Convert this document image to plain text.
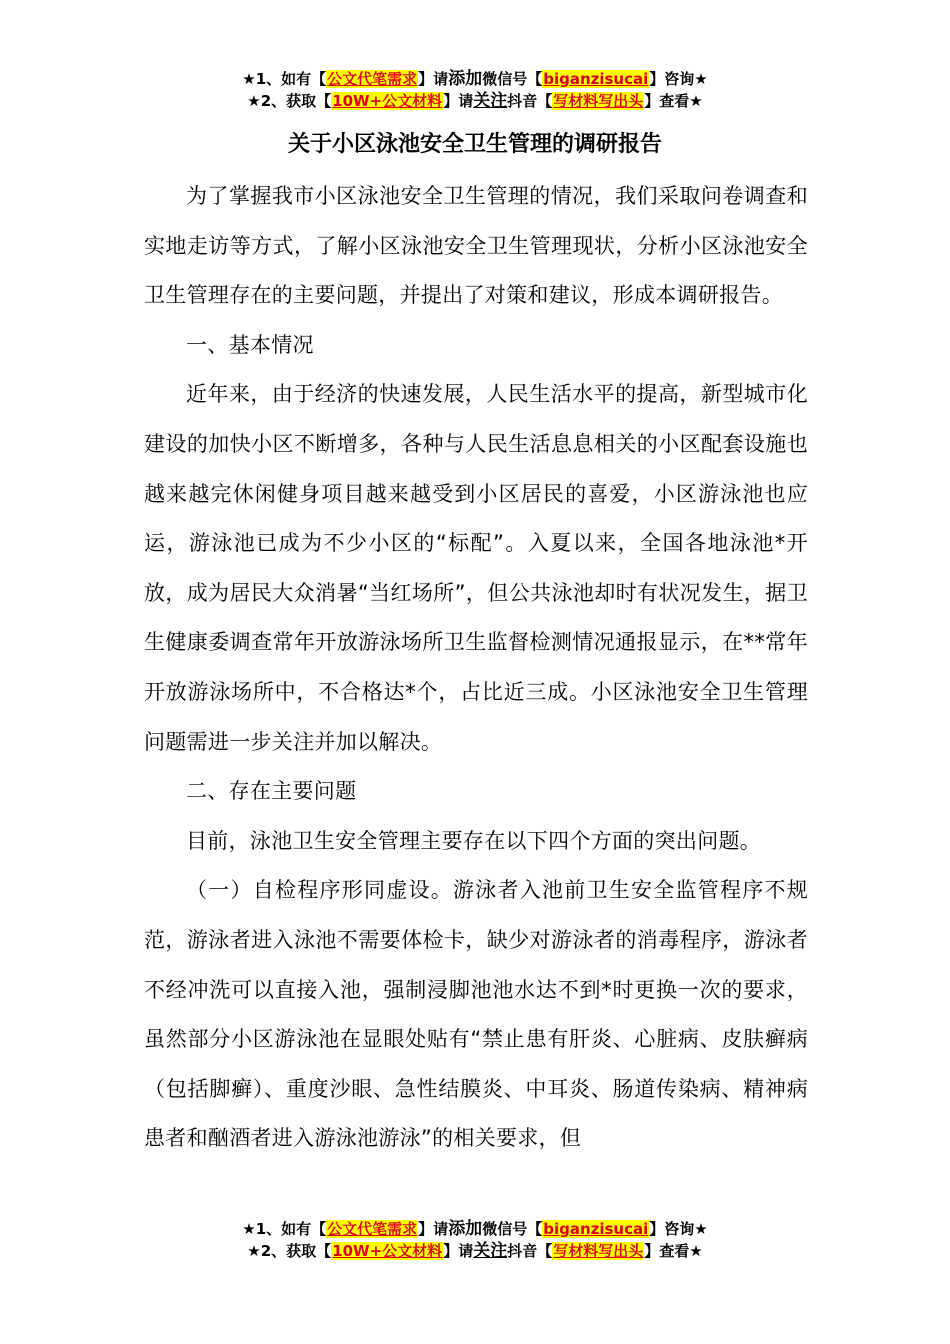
★1、如有【公文代笔需求】请添加微信号【biganzisucai】咨询★
★2、获取【10W+公文材料】请关注抖音【写材料写出头】查看★
关于小区泳池安全卫生管理的调研报告

为了掌握我市小区泳池安全卫生管理的情况，我们采取问卷调查和实地走访等方式，了解小区泳池安全卫生管理现状，分析小区泳池安全卫生管理存在的主要问题，并提出了对策和建议，形成本调研报告。

一、基本情况

近年来，由于经济的快速发展，人民生活水平的提高，新型城市化建设的加快小区不断增多，各种与人民生活息息相关的小区配套设施也越来越完休闲健身项目越来越受到小区居民的喜爱，小区游泳池也应运，游泳池已成为不少小区的“标配”。入夏以来，全国各地泳池*开放，成为居民大众消暑“当红场所”，但公共泳池却时有状况发生，据卫生健康委调查常年开放游泳场所卫生监督检测情况通报显示，在**常年开放游泳场所中，不合格达*个，占比近三成。小区泳池安全卫生管理问题需进一步关注并加以解决。

二、存在主要问题

目前，泳池卫生安全管理主要存在以下四个方面的突出问题。

（一）自检程序形同虚设。游泳者入池前卫生安全监管程序不规范，游泳者进入泳池不需要体检卡，缺少对游泳者的消毒程序，游泳者不经冲洗可以直接入池，强制浸脚池池水达不到*时更换一次的要求，虽然部分小区游泳池在显眼处贴有“禁止患有肝炎、心脏病、皮肤癣病（包括脚癣）、重度沙眼、急性结膜炎、中耳炎、肠道传染病、精神病患者和酗酒者进入游泳池游泳”的相关要求，但

★1、如有【公文代笔需求】请添加微信号【biganzisucai】咨询★
★2、获取【10W+公文材料】请关注抖音【写材料写出头】查看★
